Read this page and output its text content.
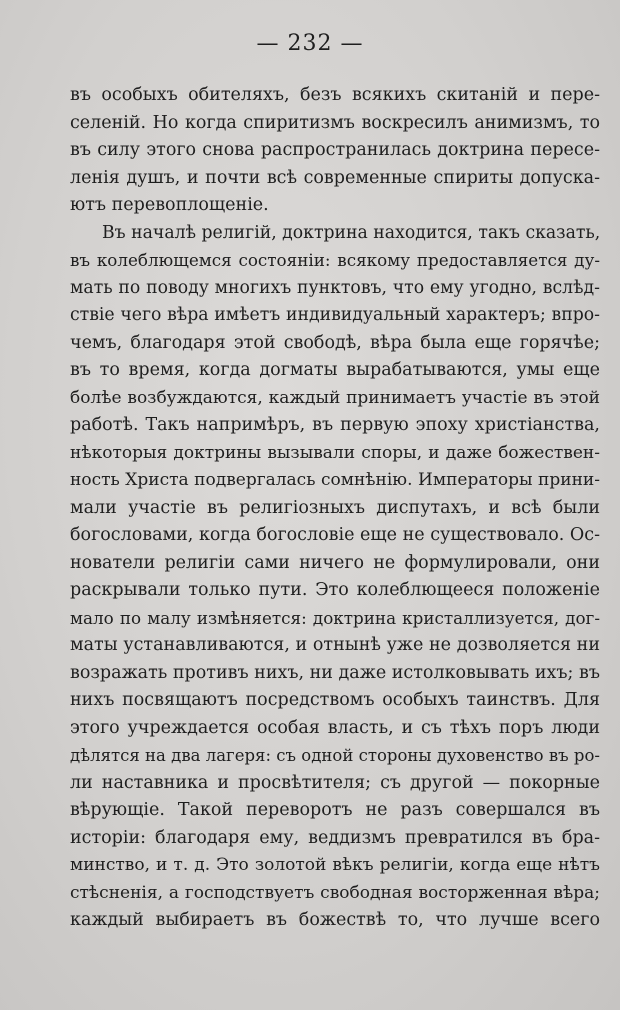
— 232 —
въ особыхъ обителяхъ, безъ всякихъ скитаній и пере-
селеній. Но когда спиритизмъ воскресилъ анимизмъ, то
въ силу этого снова распространилась доктрина пересе-
ленія душъ, и почти всѣ современные спириты допуска-
ютъ перевоплощеніе.
Въ началѣ религій, доктрина находится, такъ сказать,
въ колеблющемся состояніи: всякому предоставляется ду-
мать по поводу многихъ пунктовъ, что ему угодно, вслѣд-
ствіе чего вѣра имѣетъ индивидуальный характеръ; впро-
чемъ, благодаря этой свободѣ, вѣра была еще горячѣе;
въ то время, когда догматы вырабатываются, умы еще
болѣе возбуждаются, каждый принимаетъ участіе въ этой
работѣ. Такъ напримѣръ, въ первую эпоху христіанства,
нѣкоторыя доктрины вызывали споры, и даже божествен-
ность Христа подвергалась сомнѣнію. Императоры прини-
мали участіе въ религіозныхъ диспутахъ, и всѣ были
богословами, когда богословіе еще не существовало. Ос-
нователи религіи сами ничего не формулировали, они
раскрывали только пути. Это колеблющееся положеніе
мало по малу измѣняется: доктрина кристаллизуется, дог-
маты устанавливаются, и отнынѣ уже не дозволяется ни
возражать противъ нихъ, ни даже истолковывать ихъ; въ
нихъ посвящаютъ посредствомъ особыхъ таинствъ. Для
этого учреждается особая власть, и съ тѣхъ поръ люди
дѣлятся на два лагеря: съ одной стороны духовенство въ ро-
ли наставника и просвѣтителя; съ другой — покорные
вѣрующіе. Такой переворотъ не разъ совершался въ
исторіи: благодаря ему, веддизмъ превратился въ бра-
минство, и т. д. Это золотой вѣкъ религіи, когда еще нѣтъ
стѣсненія, а господствуетъ свободная восторженная вѣра;
каждый выбираетъ въ божествѣ то, что лучше всего
